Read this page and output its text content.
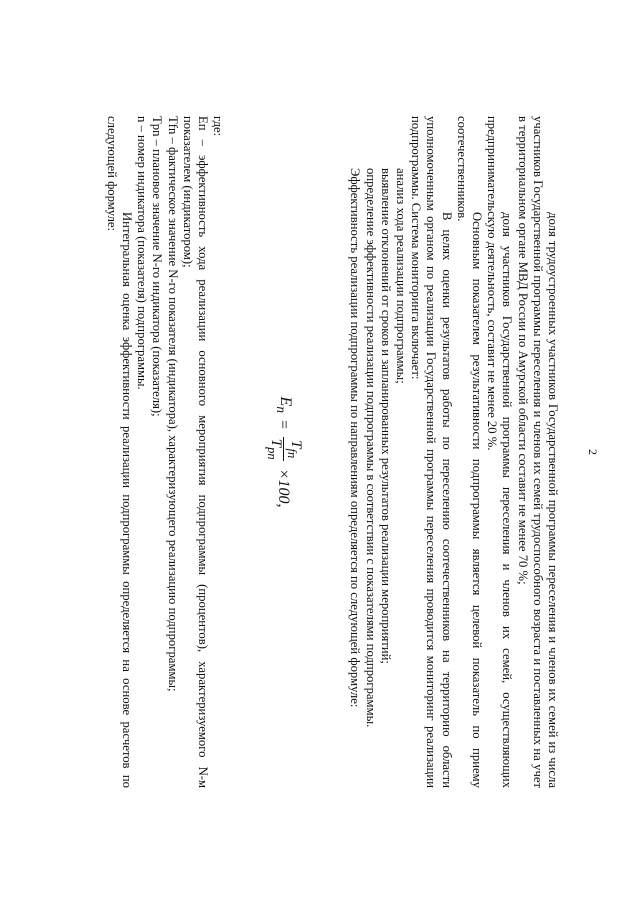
2

доля трудоустроенных участников Государственной программы переселения и членов их семей из числа участников Государственной программы переселения и членов их семей трудоспособного возраста и поставленных на учет в территориальном органе МВД России по Амурской области составит не менее 70 %;

доля участников Государственной программы переселения и членов их семей, осуществляющих предпринимательскую деятельность, составит не менее 20 %.

Основным показателем результативности подпрограммы является целевой показатель по приему соотечественников.

В целях оценки результатов работы по переселению соотечественников на территорию области уполномоченным органом по реализации Государственной программы переселения проводится мониторинг реализации подпрограммы. Система мониторинга включает:

анализ хода реализации подпрограммы;

выявление отклонений от сроков и запланированных результатов реализации мероприятий;

определение эффективности реализации подпрограммы в соответствии с показателями подпрограммы.

Эффективность реализации подпрограммы по направлениям определяется по следующей формуле:

$E_n$
=
$T_{fn}$
$T_{pn}$
×100,

где:

Eп – эффективность хода реализации основного мероприятия подпрограммы (процентов), характеризуемого N-м показателем (индикатором);

Tfn – фактическое значение N-го показателя (индикатора), характеризующего реализацию подпрограммы;

Tpn – плановое значение N-го индикатора (показателя);

n – номер индикатора (показателя) подпрограммы.

Интегральная оценка эффективности реализации подпрограммы определяется на основе расчетов по следующей формуле:
